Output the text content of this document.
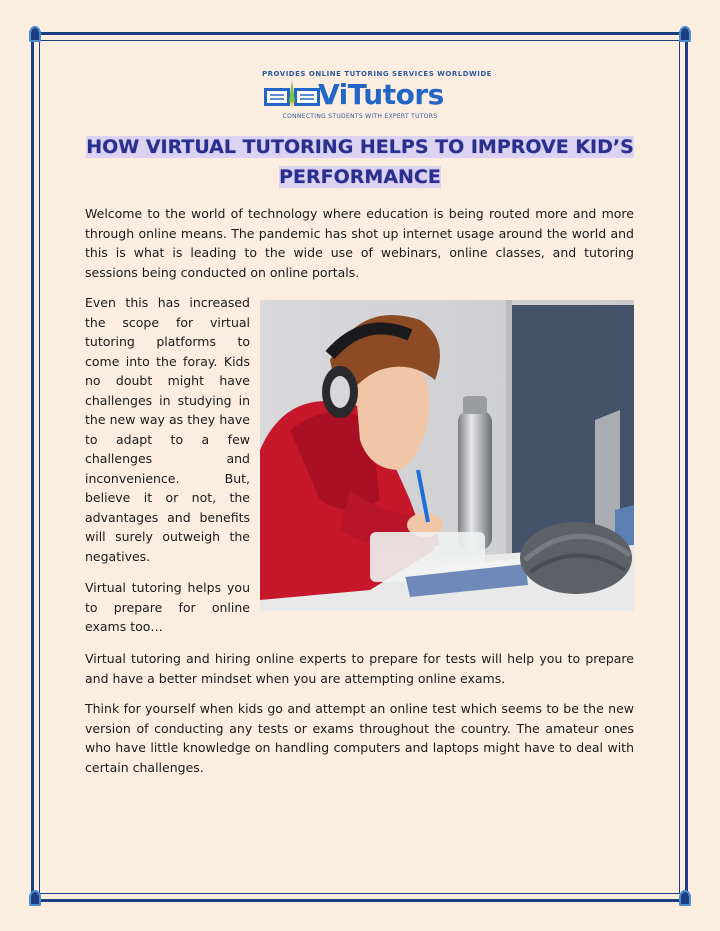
PROVIDES ONLINE TUTORING SERVICES WORLDWIDE
ViTutors
CONNECTING STUDENTS WITH EXPERT TUTORS
HOW VIRTUAL TUTORING HELPS TO IMPROVE KID’S
PERFORMANCE

Welcome to the world of technology where education is being routed more and more through online means. The pandemic has shot up internet usage around the world and this is what is leading to the wide use of webinars, online classes, and tutoring sessions being conducted on online portals.

Even this has increased the scope for virtual tutoring platforms to come into the foray. Kids no doubt might have challenges in studying in the new way as they have to adapt to a few challenges and inconvenience. But, believe it or not, the advantages and benefits will surely outweigh the negatives.

Virtual tutoring helps you to prepare for online exams too…

Virtual tutoring and hiring online experts to prepare for tests will help you to prepare and have a better mindset when you are attempting online exams.

Think for yourself when kids go and attempt an online test which seems to be the new version of conducting any tests or exams throughout the country. The amateur ones who have little knowledge on handling computers and laptops might have to deal with certain challenges.
